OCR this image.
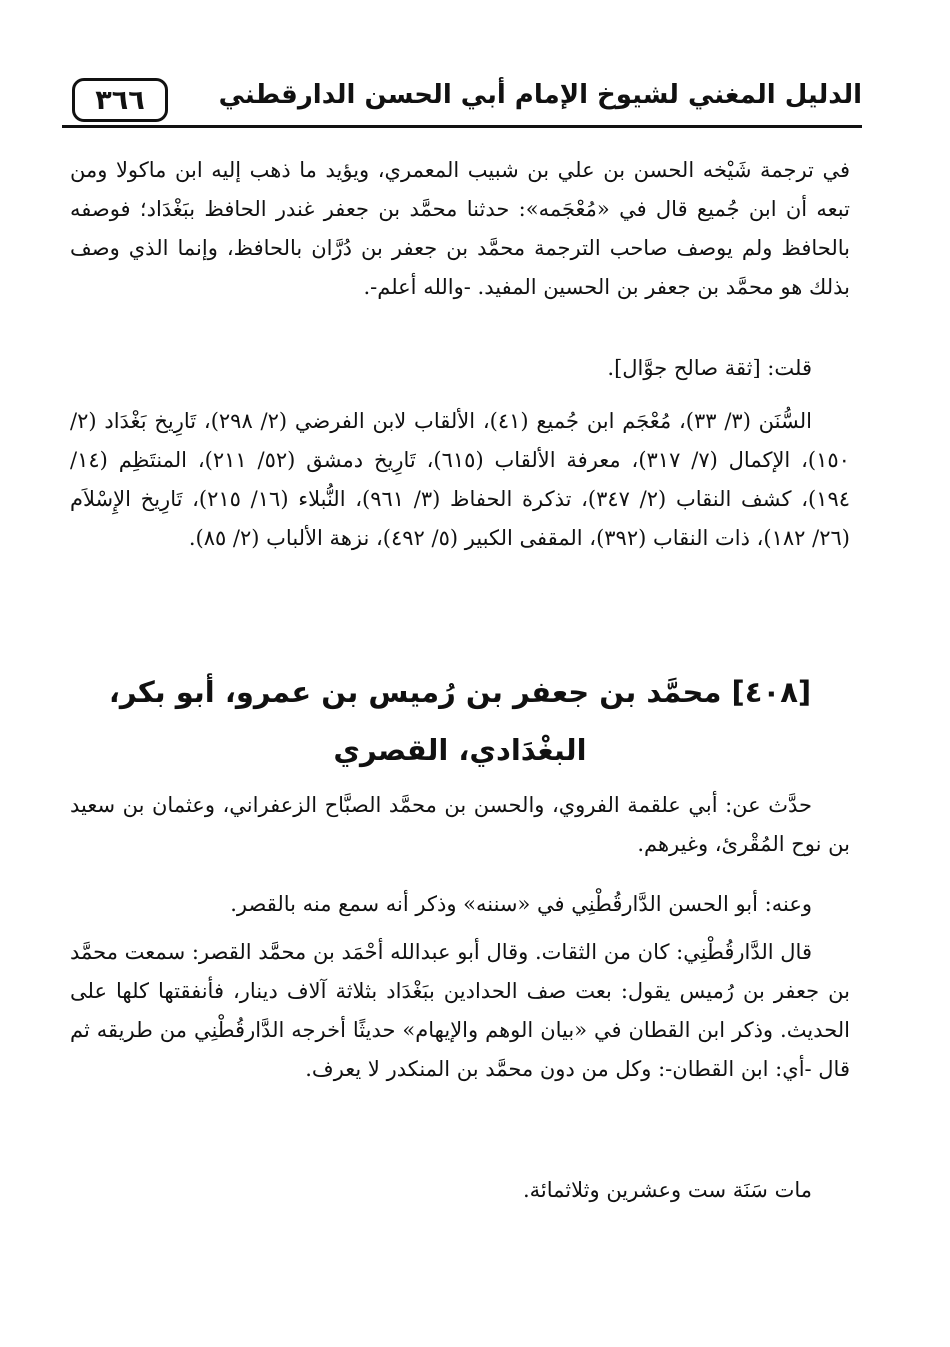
٣٦٦	الدليل المغني لشيوخ الإمام أبي الحسن الدارقطني

في ترجمة شَيْخه الحسن بن علي بن شبيب المعمري، ويؤيد ما ذهب إليه ابن ماكولا ومن تبعه أن ابن جُميع قال في «مُعْجَمه»: حدثنا محمَّد بن جعفر غندر الحافظ ببَغْدَاد؛ فوصفه بالحافظ ولم يوصف صاحب الترجمة محمَّد بن جعفر بن دُرَّان بالحافظ، وإنما الذي وصف بذلك هو محمَّد بن جعفر بن الحسين المفيد. -والله أعلم-.

قلت: [ثقة صالح جوَّال].

السُّنَن (٣/ ٣٣)، مُعْجَم ابن جُميع (٤١)، الألقاب لابن الفرضي (٢/ ٢٩٨)، تَارِيخ بَغْدَاد (٢/ ١٥٠)، الإكمال (٧/ ٣١٧)، معرفة الألقاب (٦١٥)، تَارِيخ دمشق (٥٢/ ٢١١)، المنتَظِم (١٤/ ١٩٤)، كشف النقاب (٢/ ٣٤٧)، تذكرة الحفاظ (٣/ ٩٦١)، النُّبلاء (١٦/ ٢١٥)، تَارِيخ الإِسْلاَم (٢٦/ ١٨٢)، ذات النقاب (٣٩٢)، المقفى الكبير (٥/ ٤٩٢)، نزهة الألباب (٢/ ٨٥).

[٤٠٨] محمَّد بن جعفر بن رُميس بن عمرو، أبو بكر،
البغْدَادي، القصري

حدَّث عن: أبي علقمة الفروي، والحسن بن محمَّد الصبَّاح الزعفراني، وعثمان بن سعيد بن نوح المُقْرئ، وغيرهم.

وعنه: أبو الحسن الدَّارقُطْنِي في «سننه» وذكر أنه سمع منه بالقصر.

قال الدَّارقُطْنِي: كان من الثقات. وقال أبو عبدالله أحْمَد بن محمَّد القصر: سمعت محمَّد بن جعفر بن رُميس يقول: بعت صف الحدادين ببَغْدَاد بثلاثة آلاف دينار، فأنفقتها كلها على الحديث. وذكر ابن القطان في «بيان الوهم والإيهام» حديثًا أخرجه الدَّارقُطْنِي من طريقه ثم قال -أي: ابن القطان-: وكل من دون محمَّد بن المنكدر لا يعرف.

مات سَنَة ست وعشرين وثلاثمائة.
